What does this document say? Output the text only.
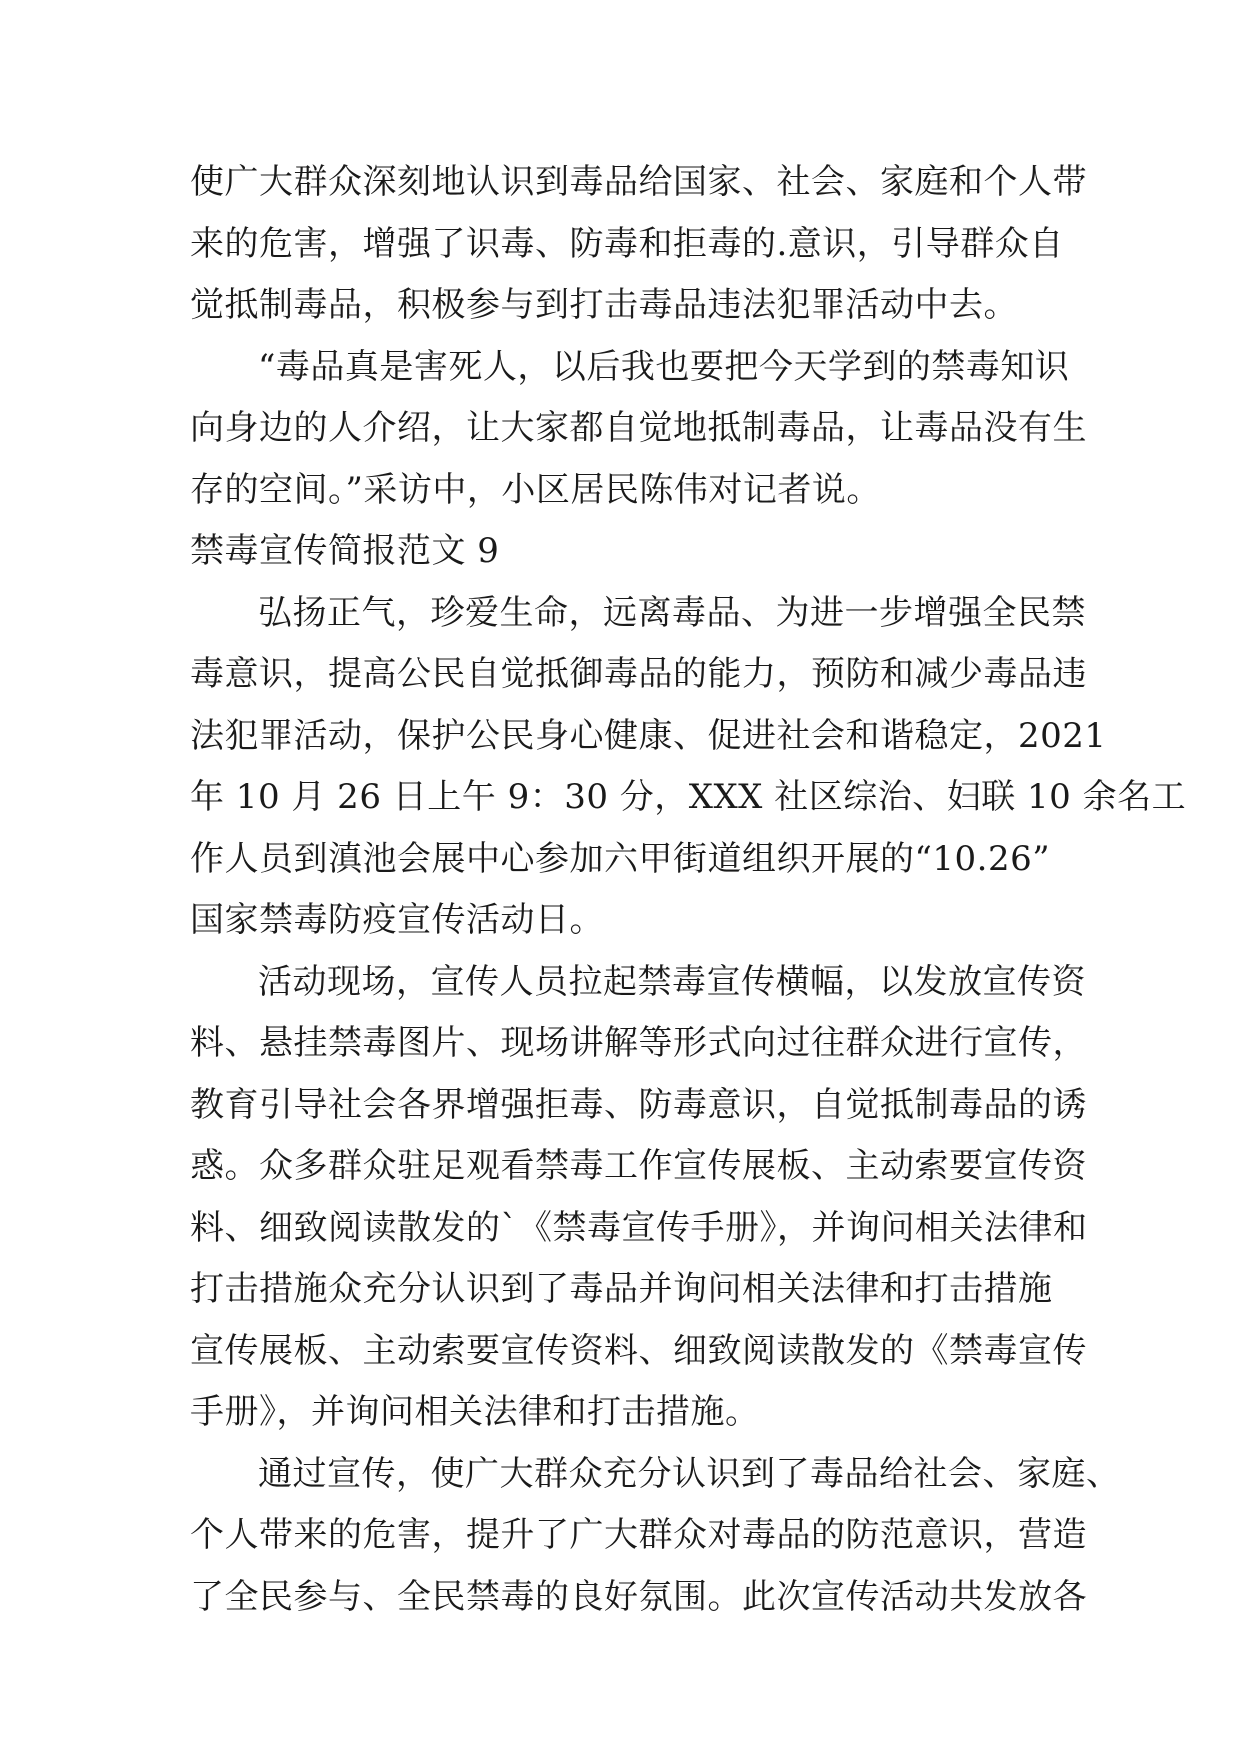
使广大群众深刻地认识到毒品给国家、社会、家庭和个人带
来的危害，增强了识毒、防毒和拒毒的.意识，引导群众自
觉抵制毒品，积极参与到打击毒品违法犯罪活动中去。
“毒品真是害死人，以后我也要把今天学到的禁毒知识
向身边的人介绍，让大家都自觉地抵制毒品，让毒品没有生
存的空间。”采访中，小区居民陈伟对记者说。
禁毒宣传简报范文 9
弘扬正气，珍爱生命，远离毒品、为进一步增强全民禁
毒意识，提高公民自觉抵御毒品的能力，预防和减少毒品违
法犯罪活动，保护公民身心健康、促进社会和谐稳定，2021
年 10 月 26 日上午 9：30 分，XXX 社区综治、妇联 10 余名工
作人员到滇池会展中心参加六甲街道组织开展的“10.26”
国家禁毒防疫宣传活动日。
活动现场，宣传人员拉起禁毒宣传横幅，以发放宣传资
料、悬挂禁毒图片、现场讲解等形式向过往群众进行宣传，
教育引导社会各界增强拒毒、防毒意识，自觉抵制毒品的诱
惑。众多群众驻足观看禁毒工作宣传展板、主动索要宣传资
料、细致阅读散发的`《禁毒宣传手册》，并询问相关法律和
打击措施众充分认识到了毒品并询问相关法律和打击措施
宣传展板、主动索要宣传资料、细致阅读散发的《禁毒宣传
手册》，并询问相关法律和打击措施。
通过宣传，使广大群众充分认识到了毒品给社会、家庭、
个人带来的危害，提升了广大群众对毒品的防范意识，营造
了全民参与、全民禁毒的良好氛围。此次宣传活动共发放各
